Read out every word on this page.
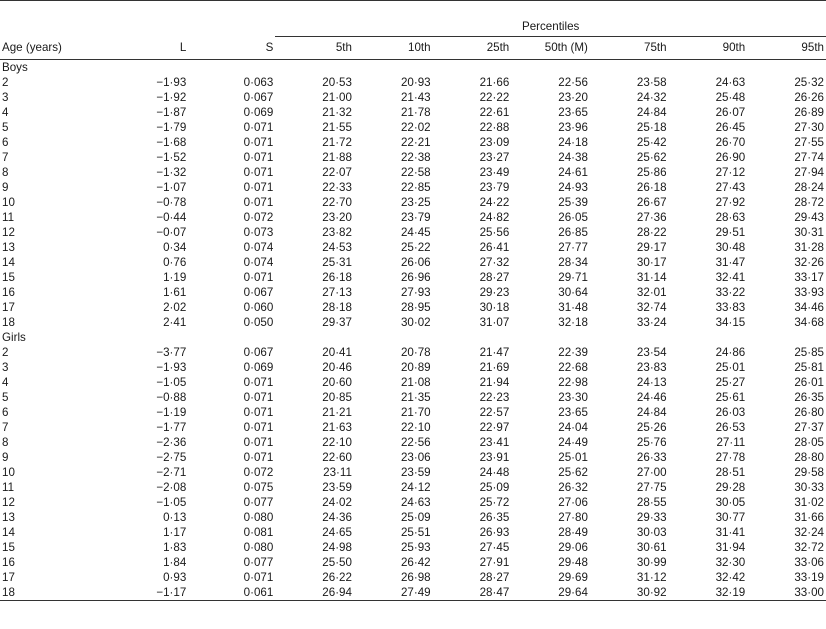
			Percentiles						
Age (years)	L	S	5th	10th	25th	50th (M)	75th	90th	95th
Boys									
2	−1·93	0·063	20·53	20·93	21·66	22·56	23·58	24·63	25·32
3	−1·92	0·067	21·00	21·43	22·22	23·20	24·32	25·48	26·26
4	−1·87	0·069	21·32	21·78	22·61	23·65	24·84	26·07	26·89
5	−1·79	0·071	21·55	22·02	22·88	23·96	25·18	26·45	27·30
6	−1·68	0·071	21·72	22·21	23·09	24·18	25·42	26·70	27·55
7	−1·52	0·071	21·88	22·38	23·27	24·38	25·62	26·90	27·74
8	−1·32	0·071	22·07	22·58	23·49	24·61	25·86	27·12	27·94
9	−1·07	0·071	22·33	22·85	23·79	24·93	26·18	27·43	28·24
10	−0·78	0·071	22·70	23·25	24·22	25·39	26·67	27·92	28·72
11	−0·44	0·072	23·20	23·79	24·82	26·05	27·36	28·63	29·43
12	−0·07	0·073	23·82	24·45	25·56	26·85	28·22	29·51	30·31
13	0·34	0·074	24·53	25·22	26·41	27·77	29·17	30·48	31·28
14	0·76	0·074	25·31	26·06	27·32	28·34	30·17	31·47	32·26
15	1·19	0·071	26·18	26·96	28·27	29·71	31·14	32·41	33·17
16	1·61	0·067	27·13	27·93	29·23	30·64	32·01	33·22	33·93
17	2·02	0·060	28·18	28·95	30·18	31·48	32·74	33·83	34·46
18	2·41	0·050	29·37	30·02	31·07	32·18	33·24	34·15	34·68
Girls									
2	−3·77	0·067	20·41	20·78	21·47	22·39	23·54	24·86	25·85
3	−1·93	0·069	20·46	20·89	21·69	22·68	23·83	25·01	25·81
4	−1·05	0·071	20·60	21·08	21·94	22·98	24·13	25·27	26·01
5	−0·88	0·071	20·85	21·35	22·23	23·30	24·46	25·61	26·35
6	−1·19	0·071	21·21	21·70	22·57	23·65	24·84	26·03	26·80
7	−1·77	0·071	21·63	22·10	22·97	24·04	25·26	26·53	27·37
8	−2·36	0·071	22·10	22·56	23·41	24·49	25·76	27·11	28·05
9	−2·75	0·071	22·60	23·06	23·91	25·01	26·33	27·78	28·80
10	−2·71	0·072	23·11	23·59	24·48	25·62	27·00	28·51	29·58
11	−2·08	0·075	23·59	24·12	25·09	26·32	27·75	29·28	30·33
12	−1·05	0·077	24·02	24·63	25·72	27·06	28·55	30·05	31·02
13	0·13	0·080	24·36	25·09	26·35	27·80	29·33	30·77	31·66
14	1·17	0·081	24·65	25·51	26·93	28·49	30·03	31·41	32·24
15	1·83	0·080	24·98	25·93	27·45	29·06	30·61	31·94	32·72
16	1·84	0·077	25·50	26·42	27·91	29·48	30·99	32·30	33·06
17	0·93	0·071	26·22	26·98	28·27	29·69	31·12	32·42	33·19
18	−1·17	0·061	26·94	27·49	28·47	29·64	30·92	32·19	33·00
